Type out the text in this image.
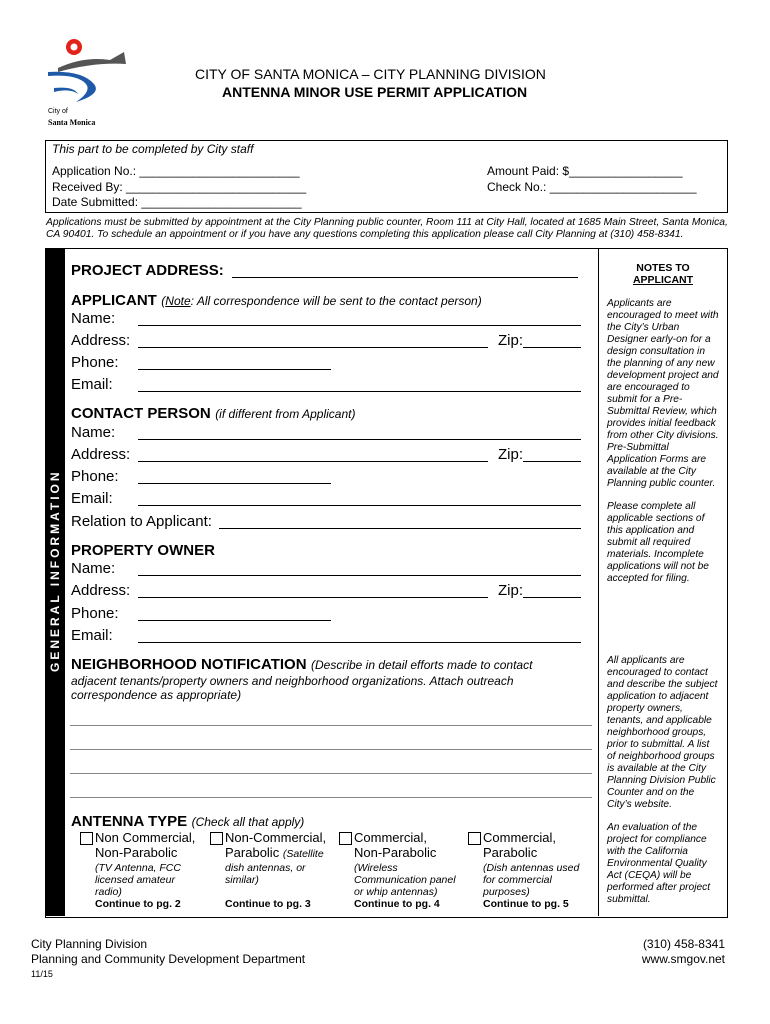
City of
Santa Monica
CITY OF SANTA MONICA – CITY PLANNING DIVISION
ANTENNA MINOR USE PERMIT APPLICATION
This part to be completed by City staff
Application No.: ________________________
Received By: ___________________________
Date Submitted: ________________________
Amount Paid: $_________________
Check No.: ______________________
Applications must be submitted by appointment at the City Planning public counter, Room 111 at City Hall, located at 1685 Main Street, Santa Monica, CA 90401. To schedule an appointment or if you have any questions completing this application please call City Planning at (310) 458-8341.
GENERAL INFORMATION
PROJECT ADDRESS:
APPLICANT (Note: All correspondence will be sent to the contact person)
Name:
Address:	Zip:
Phone:
Email:
CONTACT PERSON (if different from Applicant)
Name:
Address:	Zip:
Phone:
Email:
Relation to Applicant:
PROPERTY OWNER
Name:
Address:	Zip:
Phone:
Email:
NEIGHBORHOOD NOTIFICATION (Describe in detail efforts made to contact
adjacent tenants/property owners and neighborhood organizations. Attach outreach
correspondence as appropriate)
ANTENNA TYPE (Check all that apply)
Non Commercial,
Non-Parabolic
(TV Antenna, FCC
licensed amateur
radio)
Continue to pg. 2
Non-Commercial,
Parabolic (Satellite
dish antennas, or
similar)
Continue to pg. 3
Commercial,
Non-Parabolic
(Wireless
Communication panel
or whip antennas)
Continue to pg. 4
Commercial,
Parabolic
(Dish antennas used
for commercial
purposes)
Continue to pg. 5
NOTES TO
APPLICANT
Applicants are
encouraged to meet with
the City’s Urban
Designer early-on for a
design consultation in
the planning of any new
development project and
are encouraged to
submit for a Pre-
Submittal Review, which
provides initial feedback
from other City divisions.
Pre-Submittal
Application Forms are
available at the City
Planning public counter.
Please complete all
applicable sections of
this application and
submit all required
materials. Incomplete
applications will not be
accepted for filing.
All applicants are
encouraged to contact
and describe the subject
application to adjacent
property owners,
tenants, and applicable
neighborhood groups,
prior to submittal. A list
of neighborhood groups
is available at the City
Planning Division Public
Counter and on the
City’s website.
An evaluation of the
project for compliance
with the California
Environmental Quality
Act (CEQA) will be
performed after project
submittal.
City Planning Division
Planning and Community Development Department
11/15
(310) 458-8341
www.smgov.net
